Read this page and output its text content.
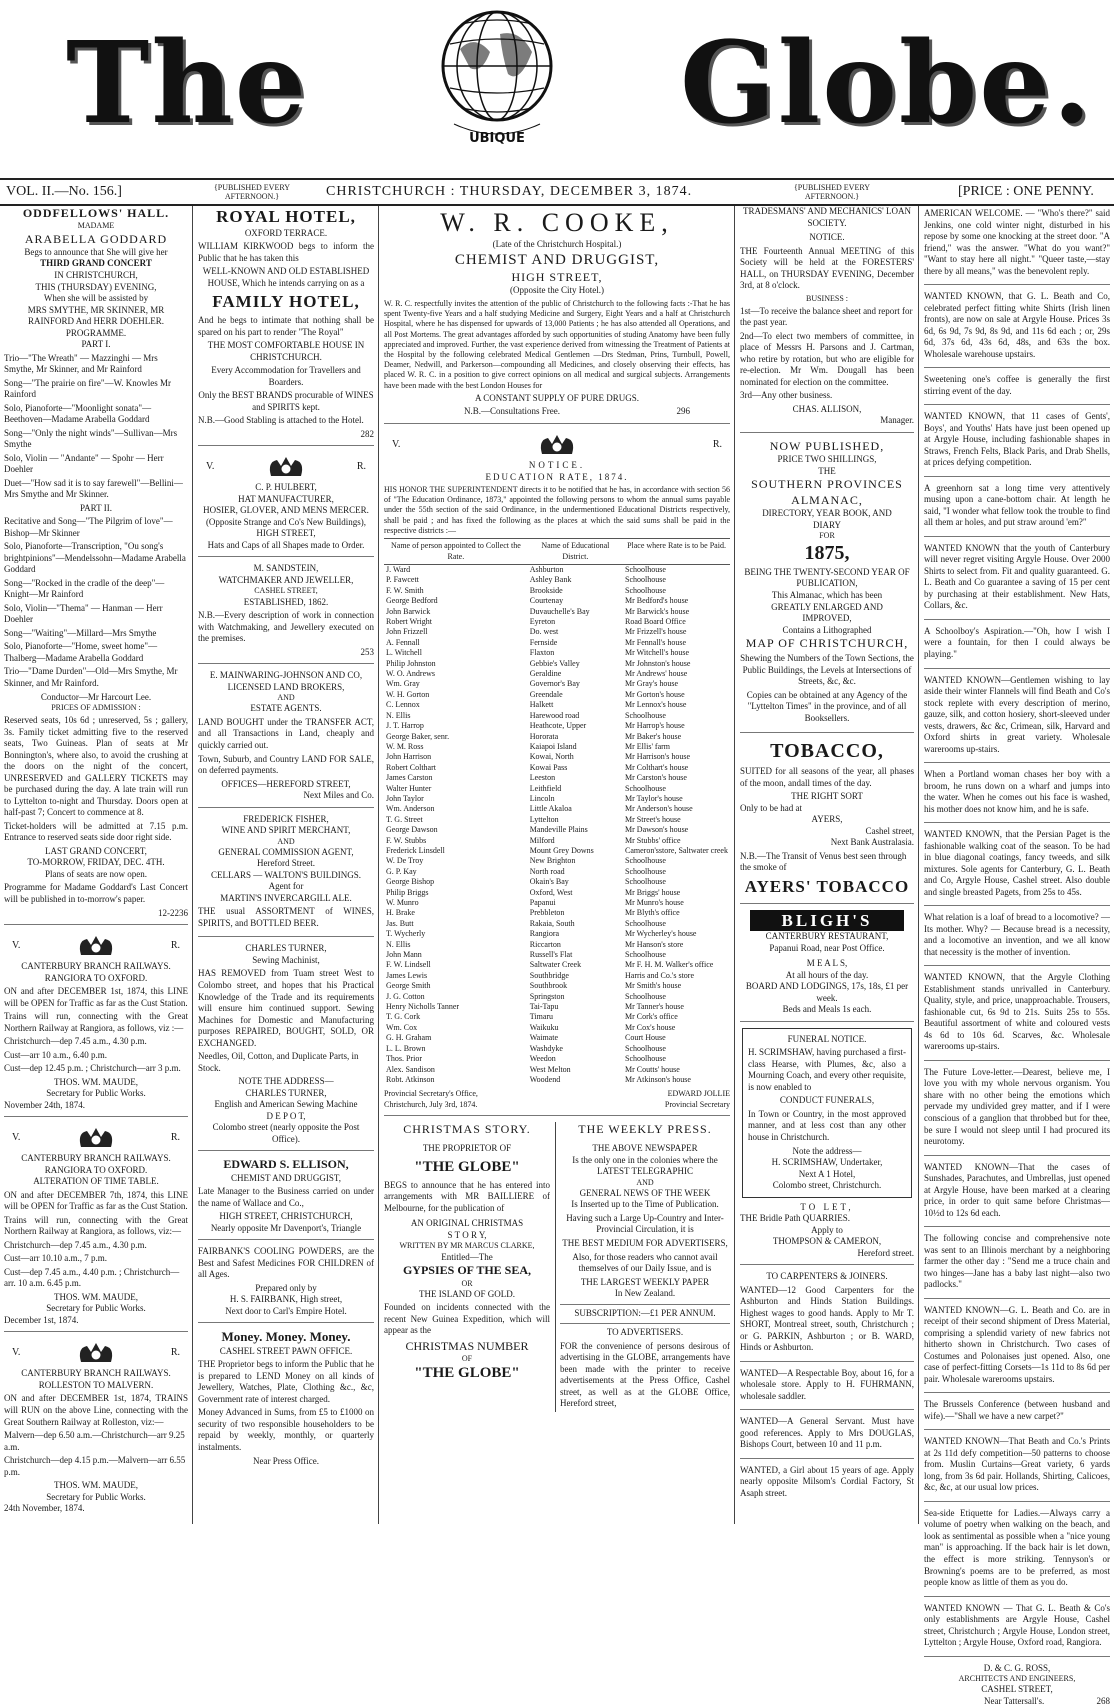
The	UBIQUE Globe.
VOL. II.—No. 156.]	{PUBLISHED EVERY AFTERNOON.}	CHRISTCHURCH : THURSDAY, DECEMBER 3, 1874.	{PUBLISHED EVERY AFTERNOON.}	[PRICE : ONE PENNY.
ODDFELLOWS' HALL.
MADAME
ARABELLA GODDARD
Begs to announce that She will give her
THIRD GRAND CONCERT
IN CHRISTCHURCH,
THIS (THURSDAY) EVENING,
When she will be assisted by
MRS SMYTHE, MR SKINNER, MR RAINFORD And HERR DOEHLER.
PROGRAMME.
PART I.

Trio—"The Wreath" — Mazzinghi — Mrs Smythe, Mr Skinner, and Mr Rainford

Song—"The prairie on fire"—W. Knowles Mr Rainford

Solo, Pianoforte—"Moonlight sonata"—Beethoven—Madame Arabella Goddard

Song—"Only the night winds"—Sullivan—Mrs Smythe

Solo, Violin — "Andante" — Spohr — Herr Doehler

Duet—"How sad it is to say farewell"—Bellini—Mrs Smythe and Mr Skinner.

PART II.

Recitative and Song—"The Pilgrim of love"—Bishop—Mr Skinner

Solo, Pianoforte—Transcription, "Ou song's brightpinions"—Mendelssohn—Madame Arabella Goddard

Song—"Rocked in the cradle of the deep"—Knight—Mr Rainford

Solo, Violin—"Thema" — Hanman — Herr Doehler

Song—"Waiting"—Millard—Mrs Smythe

Solo, Pianoforte—"Home, sweet home"—Thalberg—Madame Arabella Goddard

Trio—"Dame Durden"—Old—Mrs Smythe, Mr Skinner, and Mr Rainford.

Conductor—Mr Harcourt Lee.
PRICES OF ADMISSION :

Reserved seats, 10s 6d ; unreserved, 5s ; gallery, 3s. Family ticket admitting five to the reserved seats, Two Guineas. Plan of seats at Mr Bonnington's, where also, to avoid the crushing at the doors on the night of the concert, UNRESERVED and GALLERY TICKETS may be purchased during the day. A late train will run to Lyttelton to-night and Thursday. Doors open at half-past 7; Concert to commence at 8.

Ticket-holders will be admitted at 7.15 p.m. Entrance to reserved seats side door right side.

LAST GRAND CONCERT,
TO-MORROW, FRIDAY, DEC. 4TH.
Plans of seats are now open.

Programme for Madame Goddard's Last Concert will be published in to-morrow's paper.

12-2236
V.	R.
CANTERBURY BRANCH RAILWAYS.
RANGIORA TO OXFORD.

ON and after DECEMBER 1st, 1874, this LINE will be OPEN for Traffic as far as the Cust Station.

Trains will run, connecting with the Great Northern Railway at Rangiora, as follows, viz :—

Christchurch—dep 7.45 a.m., 4.30 p.m.

Cust—arr 10 a.m., 6.40 p.m.

Cust—dep 12.45 p.m. ; Christchurch—arr 3 p.m.

THOS. WM. MAUDE,
Secretary for Public Works.
November 24th, 1874.
V.	R.
CANTERBURY BRANCH RAILWAYS.
RANGIORA TO OXFORD.
ALTERATION OF TIME TABLE.

ON and after DECEMBER 7th, 1874, this LINE will be OPEN for Traffic as far as the Cust Station.

Trains will run, connecting with the Great Northern Railway at Rangiora, as follows, viz:—

Christchurch—dep 7.45 a.m., 4.30 p.m.

Cust—arr 10.10 a.m., 7 p.m.

Cust—dep 7.45 a.m., 4.40 p.m. ; Christchurch—arr. 10 a.m. 6.45 p.m.

THOS. WM. MAUDE,
Secretary for Public Works.
December 1st, 1874.
V.	R.
CANTERBURY BRANCH RAILWAYS.
ROLLESTON TO MALVERN.

ON and after DECEMBER 1st, 1874, TRAINS will RUN on the above Line, connecting with the Great Southern Railway at Rolleston, viz:—

Malvern—dep 6.50 a.m.—Christchurch—arr 9.25 a.m.

Christchurch—dep 4.15 p.m.—Malvern—arr 6.55 p.m.

THOS. WM. MAUDE,
Secretary for Public Works.
24th November, 1874.
ROYAL HOTEL,
OXFORD TERRACE.

WILLIAM KIRKWOOD begs to inform the Public that he has taken this

WELL-KNOWN AND OLD ESTABLISHED HOUSE, Which he intends carrying on as a

FAMILY HOTEL,

And he begs to intimate that nothing shall be spared on his part to render "The Royal"

THE MOST COMFORTABLE HOUSE IN CHRISTCHURCH.

Every Accommodation for Travellers and Boarders.

Only the BEST BRANDS procurable of WINES and SPIRITS kept.

N.B.—Good Stabling is attached to the Hotel.

282
V.	R.
C. P. HULBERT,
HAT MANUFACTURER,
HOSIER, GLOVER, AND MENS MERCER.
(Opposite Strange and Co's New Buildings), HIGH STREET,
Hats and Caps of all Shapes made to Order.
M. SANDSTEIN,
WATCHMAKER AND JEWELLER,
CASHEL STREET,
ESTABLISHED, 1862.

N.B.—Every description of work in connection with Watchmaking, and Jewellery executed on the premises.

253
E. MAINWARING-JOHNSON AND CO,
LICENSED LAND BROKERS,
AND
ESTATE AGENTS.

LAND BOUGHT under the TRANSFER ACT, and all Transactions in Land, cheaply and quickly carried out.

Town, Suburb, and Country LAND FOR SALE, on deferred payments.

OFFICES—HEREFORD STREET,
Next Miles and Co.
FREDERICK FISHER,
WINE AND SPIRIT MERCHANT,
AND
GENERAL COMMISSION AGENT,
Hereford Street.
CELLARS — WALTON'S BUILDINGS.
Agent for
MARTIN'S INVERCARGILL ALE.

THE usual ASSORTMENT of WINES, SPIRITS, and BOTTLED BEER.

CHARLES TURNER,
Sewing Machinist,

HAS REMOVED from Tuam street West to Colombo street, and hopes that his Practical Knowledge of the Trade and its requirements will ensure him continued support. Sewing Machines for Domestic and Manufacturing purposes REPAIRED, BOUGHT, SOLD, OR EXCHANGED.

Needles, Oil, Cotton, and Duplicate Parts, in Stock.

NOTE THE ADDRESS—
CHARLES TURNER,
English and American Sewing Machine
D E P O T,
Colombo street (nearly opposite the Post Office).
EDWARD S. ELLISON,
CHEMIST AND DRUGGIST,

Late Manager to the Business carried on under the name of Wallace and Co.,

HIGH STREET, CHRISTCHURCH,
Nearly opposite Mr Davenport's, Triangle

FAIRBANK'S COOLING POWDERS, are the Best and Safest Medicines FOR CHILDREN of all Ages.

Prepared only by
H. S. FAIRBANK, High street,
Next door to Carl's Empire Hotel.
Money. Money. Money.
CASHEL STREET PAWN OFFICE.

THE Proprietor begs to inform the Public that he is prepared to LEND Money on all kinds of Jewellery, Watches, Plate, Clothing &c., &c, Government rate of interest charged.

Money Advanced in Sums, from £5 to £1000 on security of two responsible householders to be repaid by weekly, monthly, or quarterly instalments.

Near Press Office.
W. R. COOKE,
(Late of the Christchurch Hospital.)
CHEMIST AND DRUGGIST,
HIGH STREET,
(Opposite the City Hotel.)

W. R. C. respectfully invites the attention of the public of Christchurch to the following facts :-That he has spent Twenty-five Years and a half studying Medicine and Surgery, Eight Years and a half at Christchurch Hospital, where he has dispensed for upwards of 13,000 Patients ; he has also attended all Operations, and all Post Mortems. The great advantages afforded by such opportunities of studing Anatomy have been fully appreciated and improved. Further, the vast experience derived from witnessing the Treatment of Patients at the Hospital by the following celebrated Medical Gentlemen —Drs Stedman, Prins, Turnbull, Powell, Deamer, Nedwill, and Parkerson—compounding all Medicines, and closely observing their effects, has placed W. R. C. in a position to give correct opinions on all medical and surgical subjects. Arrangements have been made with the best London Houses for

A CONSTANT SUPPLY OF PURE DRUGS.
N.B.—Consultations Free.	296
V.	R.
NOTICE.
EDUCATION RATE, 1874.

HIS HONOR THE SUPERINTENDENT directs it to be notified that he has, in accordance with section 56 of "The Education Ordinance, 1873," appointed the following persons to whom the annual sums payable under the 55th section of the said Ordinance, in the undermentioned Educational Districts respectively, shall be paid ; and has fixed the following as the places at which the said sums shall be paid in the respective districts :—

Name of person appointed to Collect the Rate.	Name of Educational District.	Place where Rate is to be Paid.
J. Ward	Ashburton	Schoolhouse
P. Fawcett	Ashley Bank	Schoolhouse
F. W. Smith	Brookside	Schoolhouse
George Bedford	Courtenay	Mr Bedford's house
John Barwick	Duvauchelle's Bay	Mr Barwick's house
Robert Wright	Eyreton	Road Board Office
John Frizzell	Do. west	Mr Frizzell's house
A. Fennall	Fernside	Mr Fennall's house
L. Witchell	Flaxton	Mr Witchell's house
Philip Johnston	Gebbie's Valley	Mr Johnston's house
W. O. Andrews	Geraldine	Mr Andrews' house
Wm. Gray	Governor's Bay	Mr Gray's house
W. H. Gorton	Greendale	Mr Gorton's house
C. Lennox	Halkett	Mr Lennox's house
N. Ellis	Harewood road	Schoolhouse
J. T. Harrop	Heathcote, Upper	Mr Harrop's house
George Baker, senr.	Hororata	Mr Baker's house
W. M. Ross	Kaiapoi Island	Mr Ellis' farm
John Harrison	Kowai, North	Mr Harrison's house
Robert Colthart	Kowai Pass	Mr Colthart's house
James Carston	Leeston	Mr Carston's house
Walter Hunter	Leithfield	Schoolhouse
John Taylor	Lincoln	Mr Taylor's house
Wm. Anderson	Little Akaloa	Mr Anderson's house
T. G. Street	Lyttelton	Mr Street's house
George Dawson	Mandeville Plains	Mr Dawson's house
F. W. Stubbs	Milford	Mr Stubbs' office
Frederick Linsdell	Mount Grey Downs	Cameron'sstore, Saltwater creek
W. De Troy	New Brighton	Schoolhouse
G. P. Kay	North road	Schoolhouse
George Bishop	Okain's Bay	Schoolhouse
Philip Briggs	Oxford, West	Mr Briggs' house
W. Munro	Papanui	Mr Munro's house
H. Brake	Prebbleton	Mr Blyth's office
Jas. Butt	Rakaia, South	Schoolhouse
T. Wycherly	Rangiora	Mr Wycherley's house
N. Ellis	Riccarton	Mr Hanson's store
John Mann	Russell's Flat	Schoolhouse
F. W. Lindsell	Saltwater Creek	Mr F. H. M. Walker's office
James Lewis	Southbridge	Harris and Co.'s store
George Smith	Southbrook	Mr Smith's house
J. G. Cotton	Springston	Schoolhouse
Henry Nicholls Tanner	Tai-Tapu	Mr Tanner's house
T. G. Cork	Timaru	Mr Cork's office
Wm. Cox	Waikuku	Mr Cox's house
G. H. Graham	Waimate	Court House
L. L. Brown	Washdyke	Schoolhouse
Thos. Prior	Weedon	Schoolhouse
Alex. Sandison	West Melton	Mr Coutts' house
Robt. Atkinson	Woodend	Mr Atkinson's house
Provincial Secretary's Office,
Christchurch, July 3rd, 1874.
EDWARD JOLLIE
Provincial Secretary
CHRISTMAS STORY.
THE PROPRIETOR OF
"THE GLOBE"

BEGS to announce that he has entered into arrangements with MR BAILLIERE of Melbourne, for the publication of

AN ORIGINAL CHRISTMAS
S T O R Y,
WRITTEN BY MR MARCUS CLARKE,
Entitled—The
GYPSIES OF THE SEA,
OR
THE ISLAND OF GOLD.

Founded on incidents connected with the recent New Guinea Expedition, which will appear as the

CHRISTMAS NUMBER
OF
"THE GLOBE"
THE WEEKLY PRESS.
THE ABOVE NEWSPAPER
Is the only one in the colonies where the
LATEST TELEGRAPHIC
AND
GENERAL NEWS OF THE WEEK
Is Inserted up to the Time of Publication.

Having such a Large Up-Country and Inter-Provincial Circulation, it is

THE BEST MEDIUM FOR ADVERTISERS,

Also, for those readers who cannot avail themselves of our Daily Issue, and is

THE LARGEST WEEKLY PAPER
In New Zealand.
SUBSCRIPTION:—£1 PER ANNUM.
TO ADVERTISERS.

FOR the convenience of persons desirous of advertising in the GLOBE, arrangements have been made with the printer to receive advertisements at the Press Office, Cashel street, as well as at the GLOBE Office, Hereford street,

TRADESMANS' AND MECHANICS' LOAN SOCIETY.
NOTICE.

THE Fourteenth Annual MEETING of this Society will be held at the FORESTERS' HALL, on THURSDAY EVENING, December 3rd, at 8 o'clock.

BUSINESS :

1st—To receive the balance sheet and report for the past year.

2nd—To elect two members of committee, in place of Messrs H. Parsons and J. Cartman, who retire by rotation, but who are eligible for re-election. Mr Wm. Dougall has been nominated for election on the committee.

3rd—Any other business.

CHAS. ALLISON,
Manager.
NOW PUBLISHED,
PRICE TWO SHILLINGS,
THE
SOUTHERN PROVINCES
ALMANAC,
DIRECTORY, YEAR BOOK, AND
DIARY
FOR
1875,
BEING THE TWENTY-SECOND YEAR OF
PUBLICATION,
This Almanac, which has been
GREATLY ENLARGED AND
IMPROVED,
Contains a Lithographed
MAP OF CHRISTCHURCH,

Shewing the Numbers of the Town Sections, the Public Buildings, the Levels at Intersections of Streets, &c, &c.

Copies can be obtained at any Agency of the "Lyttelton Times" in the province, and of all Booksellers.

TOBACCO,

SUITED for all seasons of the year, all phases of the moon, andall times of the day.

THE RIGHT SORT
Only to be had at
AYERS,
Cashel street,
Next Bank Australasia.

N.B.—The Transit of Venus best seen through the smoke of

AYERS' TOBACCO
BLIGH'S
CANTERBURY RESTAURANT,
Papanui Road, near Post Office.
M E A L S,
At all hours of the day.
BOARD AND LODGINGS, 17s, 18s, £1 per week.
Beds and Meals 1s each.
FUNERAL NOTICE.

H. SCRIMSHAW, having purchased a first-class Hearse, with Plumes, &c, also a Mourning Coach, and every other requisite, is now enabled to

CONDUCT FUNERALS,

In Town or Country, in the most approved manner, and at less cost than any other house in Christchurch.

Note the address—
H. SCRIMSHAW, Undertaker,
Next A 1 Hotel,
Colombo street, Christchurch.
TO LET,
THE Bridle Path QUARRIES.
Apply to
THOMPSON & CAMERON,
Hereford street.
TO CARPENTERS & JOINERS.

WANTED—12 Good Carpenters for the Ashburton and Hinds Station Buildings. Highest wages to good hands. Apply to Mr T. SHORT, Montreal street, south, Christchurch ; or G. PARKIN, Ashburton ; or B. WARD, Hinds or Ashburton.

WANTED—A Respectable Boy, about 16, for a wholesale store. Apply to H. FUHRMANN, wholesale saddler.

WANTED—A General Servant. Must have good references. Apply to Mrs DOUGLAS, Bishops Court, between 10 and 11 p.m.

WANTED, a Girl about 15 years of age. Apply nearly opposite Milsom's Cordial Factory, St Asaph street.

AMERICAN WELCOME. — "Who's there?" said Jenkins, one cold winter night, disturbed in his repose by some one knocking at the street door. "A friend," was the answer. "What do you want?" "Want to stay here all night." "Queer taste,—stay there by all means," was the benevolent reply.

WANTED KNOWN, that G. L. Beath and Co, celebrated perfect fitting white Shirts (Irish linen fronts), are now on sale at Argyle House. Prices 3s 6d, 6s 9d, 7s 9d, 8s 9d, and 11s 6d each ; or, 29s 6d, 37s 6d, 43s 6d, 48s, and 63s the box. Wholesale warehouse upstairs.

Sweetening one's coffee is generally the first stirring event of the day.

WANTED KNOWN, that 11 cases of Gents', Boys', and Youths' Hats have just been opened up at Argyle House, including fashionable shapes in Straws, French Felts, Black Paris, and Drab Shells, at prices defying competition.

A greenhorn sat a long time very attentively musing upon a cane-bottom chair. At length he said, "I wonder what fellow took the trouble to find all them ar holes, and put straw around 'em?"

WANTED KNOWN that the youth of Canterbury will never regret visiting Argyle House. Over 2000 Shirts to select from. Fit and quality guaranteed. G. L. Beath and Co guarantee a saving of 15 per cent by purchasing at their establishment. New Hats, Collars, &c.

A Schoolboy's Aspiration.—"Oh, how I wish I were a fountain, for then I could always be playing."

WANTED KNOWN—Gentlemen wishing to lay aside their winter Flannels will find Beath and Co's stock replete with every description of merino, gauze, silk, and cotton hosiery, short-sleeved under vests, drawers, &c &c, Crimean, silk, Harvard and Oxford shirts in great variety. Wholesale warerooms up-stairs.

When a Portland woman chases her boy with a broom, he runs down on a wharf and jumps into the water. When he comes out his face is washed, his mother does not know him, and he is safe.

WANTED KNOWN, that the Persian Paget is the fashionable walking coat of the season. To be had in blue diagonal coatings, fancy tweeds, and silk mixtures. Sole agents for Canterbury, G. L. Beath and Co, Argyle House, Cashel street. Also double and single breasted Pagets, from 25s to 45s.

What relation is a loaf of bread to a locomotive? — Its mother. Why? — Because bread is a necessity, and a locomotive an invention, and we all know that necessity is the mother of invention.

WANTED KNOWN, that the Argyle Clothing Establishment stands unrivalled in Canterbury. Quality, style, and price, unapproachable. Trousers, fashionable cut, 6s 9d to 21s. Suits 25s to 55s. Beautiful assortment of white and coloured vests 4s 6d to 10s 6d. Scarves, &c. Wholesale warerooms up-stairs.

The Future Love-letter.—Dearest, believe me, I love you with my whole nervous organism. You share with no other being the emotions which pervade my undivided grey matter, and if I were conscious of a ganglion that throbbed but for thee, be sure I would not sleep until I had procured its neurotomy.

WANTED KNOWN—That the cases of Sunshades, Parachutes, and Umbrellas, just opened at Argyle House, have been marked at a clearing price, in order to quit same before Christmas—10½d to 12s 6d each.

The following concise and comprehensive note was sent to an Illinois merchant by a neighboring farmer the other day : "Send me a truce chain and two hinges—Jane has a baby last night—also two padlocks."

WANTED KNOWN—G. L. Beath and Co. are in receipt of their second shipment of Dress Material, comprising a splendid variety of new fabrics not hitherto shown in Christchurch. Two cases of Costumes and Polonaises just opened. Also, one case of perfect-fitting Corsets—1s 11d to 8s 6d per pair. Wholesale warerooms upstairs.

The Brussels Conference (between husband and wife).—"Shall we have a new carpet?"

WANTED KNOWN—That Beath and Co.'s Prints at 2s 11d defy competition—50 patterns to choose from. Muslin Curtains—Great variety, 6 yards long, from 3s 6d pair. Hollands, Shirting, Calicoes, &c, &c, at our usual low prices.

Sea-side Etiquette for Ladies.—Always carry a volume of poetry when walking on the beach, and look as sentimental as possible when a "nice young man" is approaching. If the back hair is let down, the effect is more striking. Tennyson's or Browning's poems are to be preferred, as most people know as little of them as you do.

WANTED KNOWN — That G. L. Beath & Co's only establishments are Argyle House, Cashel street, Christchurch ; Argyle House, London street, Lyttelton ; Argyle House, Oxford road, Rangiora.

D. & C. G. ROSS,
ARCHITECTS AND ENGINEERS,
CASHEL STREET,
Near Tattersall's.	268
